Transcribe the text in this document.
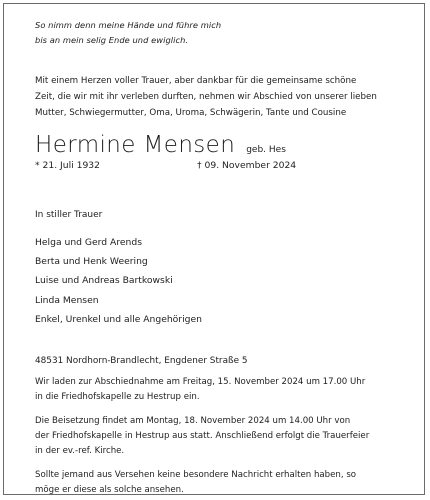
So nimm denn meine Hände und führe mich
bis an mein selig Ende und ewiglich.
Mit einem Herzen voller Trauer, aber dankbar für die gemeinsame schöne
Zeit, die wir mit ihr verleben durften, nehmen wir Abschied von unserer lieben
Mutter, Schwiegermutter, Oma, Uroma, Schwägerin, Tante und Cousine
Hermine Mensen geb. Hes
* 21. Juli 1932	† 09. November 2024
In stiller Trauer
Helga und Gerd Arends
Berta und Henk Weering
Luise und Andreas Bartkowski
Linda Mensen
Enkel, Urenkel und alle Angehörigen
48531 Nordhorn-Brandlecht, Engdener Straße 5
Wir laden zur Abschiednahme am Freitag, 15. November 2024 um 17.00 Uhr
in die Friedhofskapelle zu Hestrup ein.
Die Beisetzung findet am Montag, 18. November 2024 um 14.00 Uhr von
der Friedhofskapelle in Hestrup aus statt. Anschließend erfolgt die Trauerfeier
in der ev.-ref. Kirche.
Sollte jemand aus Versehen keine besondere Nachricht erhalten haben, so
möge er diese als solche ansehen.
